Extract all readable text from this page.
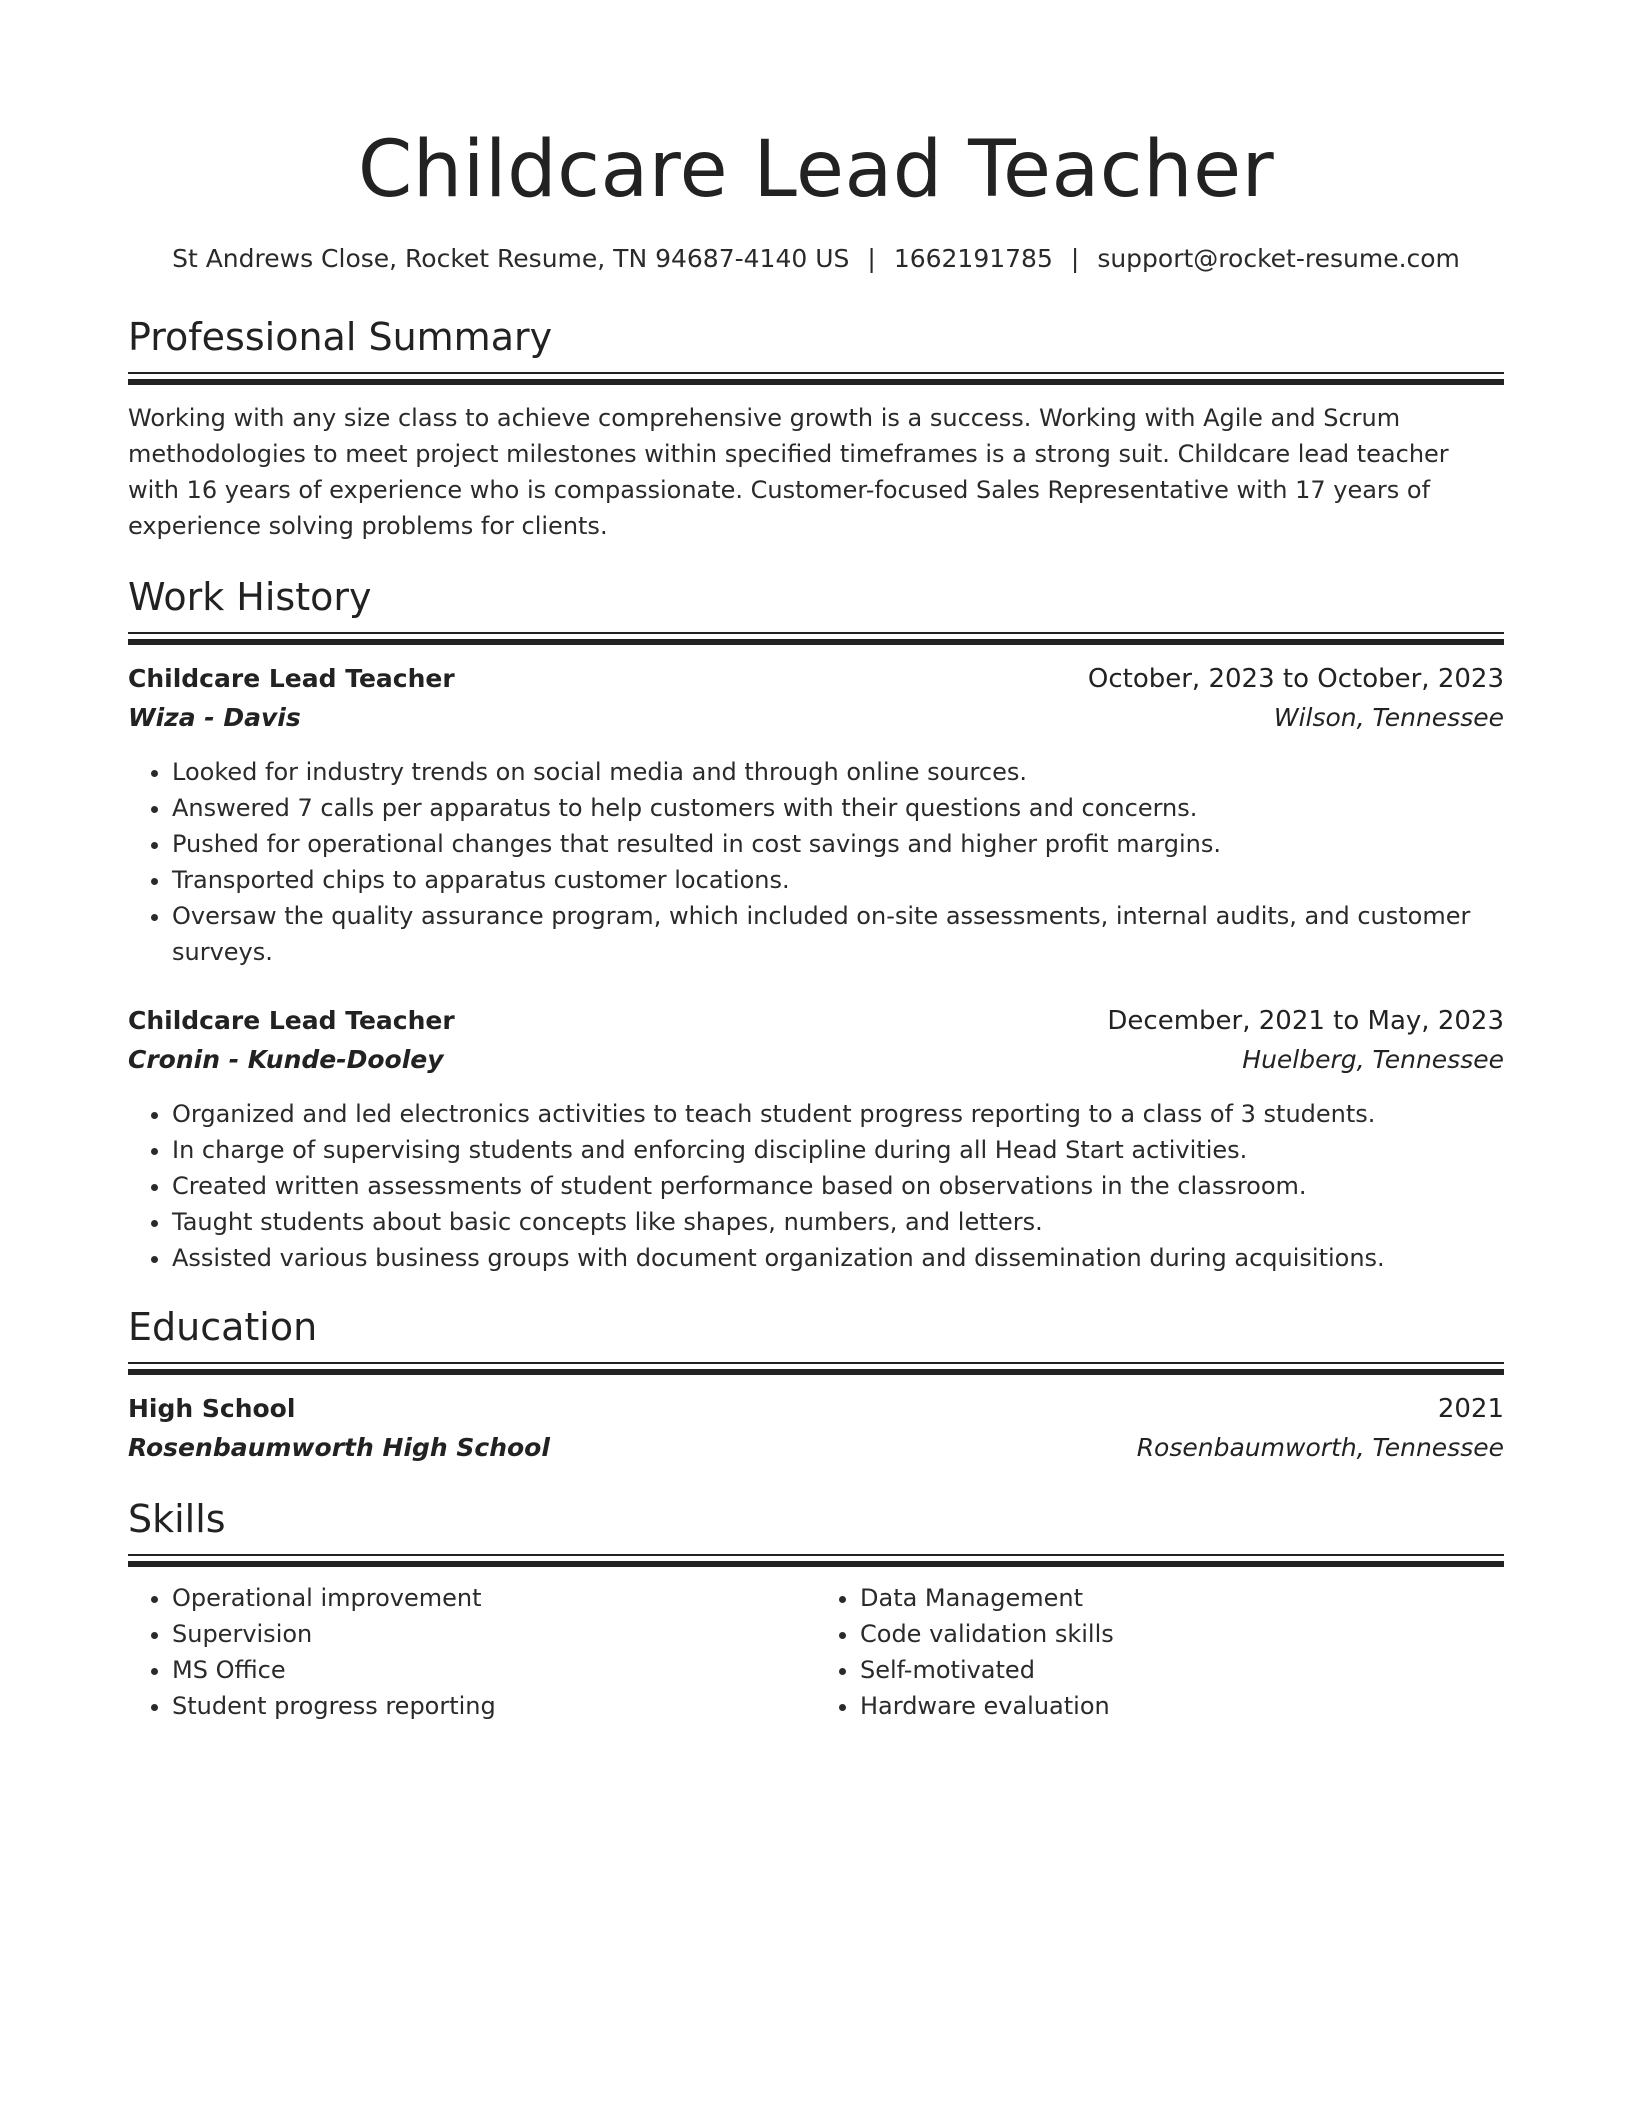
Childcare Lead Teacher
St Andrews Close, Rocket Resume, TN 94687-4140 US | 1662191785 | support@rocket-resume.com
Professional Summary
Working with any size class to achieve comprehensive growth is a success. Working with Agile and Scrum methodologies to meet project milestones within specified timeframes is a strong suit. Childcare lead teacher with 16 years of experience who is compassionate. Customer-focused Sales Representative with 17 years of experience solving problems for clients.
Work History
Childcare Lead Teacher	October, 2023 to October, 2023
Wiza - Davis	Wilson, Tennessee
• Looked for industry trends on social media and through online sources.
• Answered 7 calls per apparatus to help customers with their questions and concerns.
• Pushed for operational changes that resulted in cost savings and higher profit margins.
• Transported chips to apparatus customer locations.
• Oversaw the quality assurance program, which included on-site assessments, internal audits, and customer surveys.
Childcare Lead Teacher	December, 2021 to May, 2023
Cronin - Kunde-Dooley	Huelberg, Tennessee
• Organized and led electronics activities to teach student progress reporting to a class of 3 students.
• In charge of supervising students and enforcing discipline during all Head Start activities.
• Created written assessments of student performance based on observations in the classroom.
• Taught students about basic concepts like shapes, numbers, and letters.
• Assisted various business groups with document organization and dissemination during acquisitions.
Education
High School	2021
Rosenbaumworth High School	Rosenbaumworth, Tennessee
Skills
• Operational improvement
• Supervision
• MS Office
• Student progress reporting
• Data Management
• Code validation skills
• Self-motivated
• Hardware evaluation
